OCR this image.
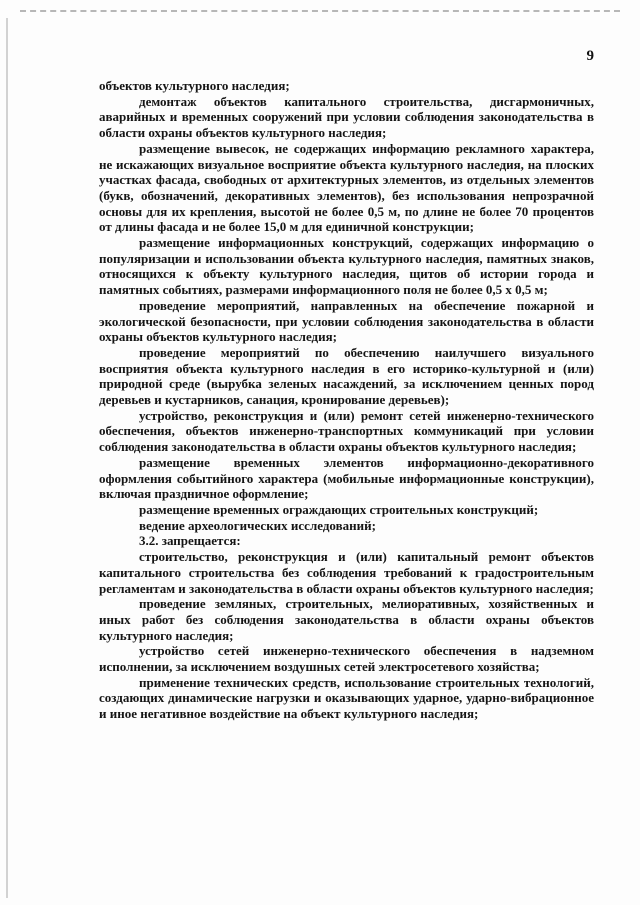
9

объектов культурного наследия;

демонтаж объектов капитального строительства, дисгармоничных, аварийных и временных сооружений при условии соблюдения законодательства в области охраны объектов культурного наследия;

размещение вывесок, не содержащих информацию рекламного характера, не искажающих визуальное восприятие объекта культурного наследия, на плоских участках фасада, свободных от архитектурных элементов, из отдельных элементов (букв, обозначений, декоративных элементов), без использования непрозрачной основы для их крепления, высотой не более 0,5 м, по длине не более 70 процентов от длины фасада и не более 15,0 м для единичной конструкции;

размещение информационных конструкций, содержащих информацию о популяризации и использовании объекта культурного наследия, памятных знаков, относящихся к объекту культурного наследия, щитов об истории города и памятных событиях, размерами информационного поля не более 0,5 х 0,5 м;

проведение мероприятий, направленных на обеспечение пожарной и экологической безопасности, при условии соблюдения законодательства в области охраны объектов культурного наследия;

проведение мероприятий по обеспечению наилучшего визуального восприятия объекта культурного наследия в его историко-культурной и (или) природной среде (вырубка зеленых насаждений, за исключением ценных пород деревьев и кустарников, санация, кронирование деревьев);

устройство, реконструкция и (или) ремонт сетей инженерно-технического обеспечения, объектов инженерно-транспортных коммуникаций при условии соблюдения законодательства в области охраны объектов культурного наследия;

размещение временных элементов информационно-декоративного оформления событийного характера (мобильные информационные конструкции), включая праздничное оформление;

размещение временных ограждающих строительных конструкций;

ведение археологических исследований;

3.2. запрещается:

строительство, реконструкция и (или) капитальный ремонт объектов капитального строительства без соблюдения требований к градостроительным регламентам и законодательства в области охраны объектов культурного наследия;

проведение земляных, строительных, мелиоративных, хозяйственных и иных работ без соблюдения законодательства в области охраны объектов культурного наследия;

устройство сетей инженерно-технического обеспечения в надземном исполнении, за исключением воздушных сетей электросетевого хозяйства;

применение технических средств, использование строительных технологий, создающих динамические нагрузки и оказывающих ударное, ударно-вибрационное и иное негативное воздействие на объект культурного наследия;
